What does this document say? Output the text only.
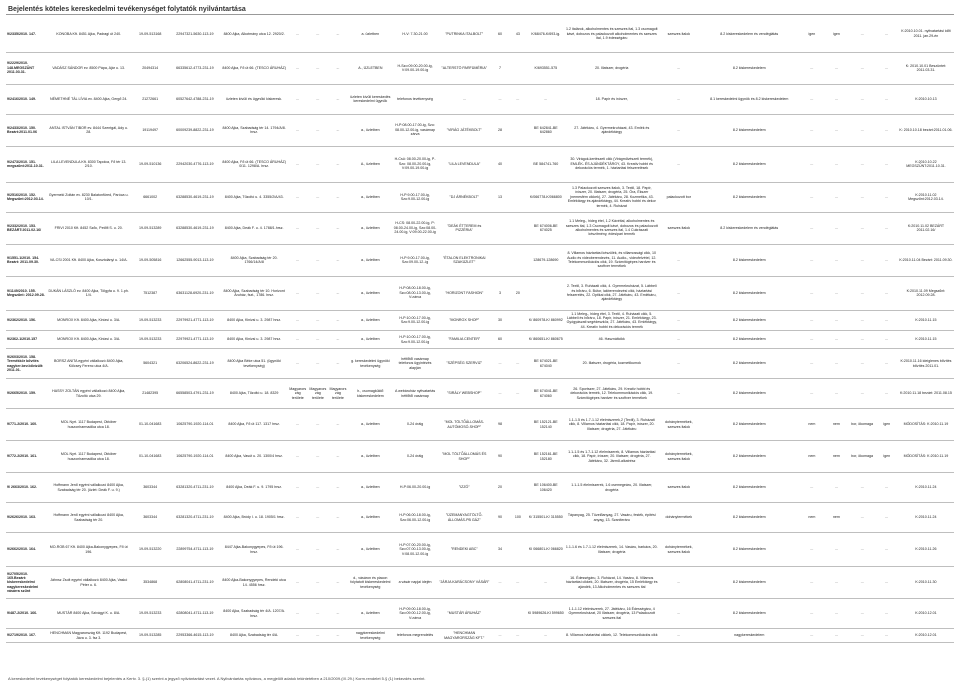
Bejelentés köteles kereskedelmi tevékenységet folytatók nyilvántartása
9/2335/2010. 147.	KONOBA Kft. 8451 Ajka, Padragi út 240.	19-09-513168	22947321-5630-113-19	8400 Ajka, Alkotmány utca 12. 2920/2.	...	...	...	a. üzletben	H-V: 7.30-21.00	"PUTRINKA ITALBOLT"	60	43	K/68476-K/693-ig.	1.2 italárok, alkoholmentes és szeszes ital, 1.3 csomagolt kávé, dobozos és palackozott alkoholmentes és szeszes ital, 1.9 édességáru	szeszes italok	8.2 kiskereskedelem és vendéglátás	igen	igen	...	...	K:2010.10.01. nyitvatartási időt 2011. jan.29-én
9/2229/2010. 148.MEGSZŰNT 2011.03.31.	VADÁSZ SÁNDOR ev. 8500 Pápa, Ajár u. 13.	20494314	66335612-4773-231-19	8400 Ajka, Fő út 66. (TESCO ÁRUHÁZ)	...	...	...	A., ÜZLETBEN	H-Szo:09.00-20.00-ig, V:09.00-19.00-ig	"ALTERSTÖ PARFÜMÉRIA"	7		K/693551-575	20. Illatszer, drogéria	...	8.2 kiskereskedelem	...	...	...	...	K: 2010.10.01 Beszüntet: 2011.03.31.
9/2416/2010. 149.	NÉMETHNÉ TÁL LÍVIA ev. 8400 Ajka, Gergő 24.	21272661	60527642-4788-231-19	üzleten kívüli és ügynöki kiskeresk.	...	...	...	üzleten kívüli kereskedés kereskedelmi ügynök	telefonos tevékenység	...	...	...	...	18. Papír és írószer,	...	8.1 kereskedelmi ügynök és 8.2 kiskereskedelem	...	...	...	...	K:2010.10.13
9/2433/2010. 150. Bezárt:2011.01.06	ANTAL ISTVÁN TIBOR ev. 8444 Szentgál, Ady u. 28.	19119497	60009239-8822-231-19	8400 Ajka, Szabadság tér 14. 1794/A/8. hrsz.	...	...	...	a., üzletben	H-P:08.00-17.00-ig, Szo: 08.00-12.00-ig, vasárnap zárva	"VIRÁG JÁTÉKBOLT"	28		BE 642841-BE 642860	27. Játékáru, 4. Gyermekruházat, 43. Emlék és ajándéktárgy	...	8.2 kiskereskedelem	...	...	...	...	K: 2010.10.18 bezárt:2011.01.06.
9/2473/2010. 151. megszűnt:2011.10.31.	LILA LEVENDULA Kft. 8300 Tapolca, Fő tér 13. 2/10.	19-09-510136	22942030-4776-113-19	8400 Ajka, Fő út 66. (TESCO ÁRUHÁZ) 0/11. 1298/A. hrsz.	...	...	...	A., üzletben	H-Csü: 08.00-20.00-ig, P-Szo: 08.00-20.00-ig, V:09.00-19.00-ig	"LILA LEVENDULA"	40		BE 584741-760	30. Virágok-kertészeti cikk (Virágművészeti termék), EMLÉK- ÉS AJÁNDÉKTÁRGY, 43. Kreatív hobbi és dekorációs termék, 1. háztartási felszerelések	...	8.2 kiskereskedelem	...	...	...	...	K:2010.10.22 MEGSZŰNT:2011.10.31.
9/2516/2010. 152. Megszűnt:2012.03.14.	Gyermeki Zoltán ev. 8230 Balatonfüred, Paróca u. 10/1.	6661002	63288530-4619-231-19	8400 Ajka, Tűzoltó u. 4. 3355/2/A/43.	...	...	...	a., üzletben	H-P:9.00-17.00-ig, Szo:9.00-12.00-ig	"DJ ÁRNÉKBOLT"	13		K/066778-K/066800	1.3 Palackozott szeszes italok, 3. Textil, 18. Papír, írószer, 20. Illatszer, drogéria, 25. Óra, Ékszer (nemesfém cikkek), 27. Játékáru, 28. Kozmetika, 43. Emléktárgy és ajándéktárgy, 44. Kreatív hobbi és dekor termék, 4. Ruházat	palackozott bor	8.2 kiskereskedelem	...	...	...	...	K:2010.11.02 Megszűnt:2012.03.14.
9/2332/2010. 153. BEZÁRT:2011.02.16/	FRIVI 2010 Kft. 8452 Szőc, Petőfi S. u. 20.	19-09-513289	63288530-4619-231-19	8400 Ajka, Deák F. u. 4. 1788/1.hrsz.	...	...	...	a., üzletben	H-CS: 08.00-22.00-ig, P: 08.00-24.00-ig, Szo:08.00-24.00-ig, V:09.00-22.00-ig	"DEÁK ÉTTEREM és PIZZÉRIA"			BE 674006-BE 674025	1.1 Meleg-, hideg étel, 1.2 Kávéital, alkoholmentes és szeszes ital, 1.3 Csomagolt kávé, dobozos és palackozott alkoholmentes és szeszes ital, 1.4 Cukrászati készítmény, édesipari termék	szeszes italok	8.2 kiskereskedelem és vendéglátás	...	...	...	...	K:2010.11.02 BEZÁRT 2011.02.16/
9/1551-1/2010. 154. Bezárt: 2011.09.30.	VA-CSI 2001 Kft. 8400 Ajka, Kosztolányi u. 14/A.	19-09-505816	12662555-9013-113-19	8400 Ajka, Szabadság tér 20. 1766/14/A/8	...	...	...	a., üzletben	H-P:9.00-17.00-ig, Szo:09.00-12.-ig	"ÉTALON ELEKTRONIKAI SZAKÜZLET"			128679-128690	8. Villamos háztartási készülék, és villamossági cikk, 10 Audio és videoberendezés, 11. Audio-, videofelvétel, 12. Telekommunikációs cikk, 19. Számítógépes hardver és szoftver termékek	...	8.2 kiskereskedelem	...	...	...	...	K:2010.11.04 Bezárt: 2011.09.30.
9/1149/2010. 155. Megszűnt: 2012.09.28.	DUKÁN LÁSZLÓ ev. 8400 Ajka, Tölgyfa u. 9. 1.ph. 1/4.	7512387	63631128-6920-231-19	8400 Ajka, Szabadság tér 10. Horizont Áruház, fszt., 1786. hrsz.	...	...	...	a., üzletben	H-P:08.00-18.00-ig, Szo:08.00-13.00-ig, V:zárva	"HORIZONT FASHION"	3	20		2. Textil, 3. Ruházati cikk, 4. Gyermekruházat, 5. Lábbeli és bőráru, 6. Bútor, lakberendezési cikk, háztartási felszerelés, 22. Optikai cikk, 27. Játékáru, 43. Emlékáru, ajándéktárgy	...	8.2 kiskereskedelem	...	...	...	...	K:2010.11.09 Megszűnt: 2012.09.28.
9/2362/2010. 156.	MONROX Kft. 8400 Ajka, Kinizsi u. 3/A.	19-09-513233	22979921-4771-113-19	8400 Ajka, Kinizsi u. 3. 2987 hrsz.	...	...	...	a., üzletben	H-P:10.00-17.00-ig, Szo:9.00-12.00-ig	"MONROX SHOP"	30		K/ 860978-K/ 860992	1.1 Meleg-, hideg étel, 3. Textil, 4. Ruházati cikk, 5. Lábbeli és bőráru, 18. Papír, írószer, 21. Emléktárgy, 23. Gyógyászati segédeszköz, 27. Játékáru, 43. Emléktárgy, 44. Kreatív hobbi és dekorációs termék	...	8.2 kiskereskedelem	...	...	...	...	K:2010.11.15
9/2362-1/2010.157	MONROX Kft. 8400 Ajka, Kinizsi u. 3/A.	19-09-513233	22979921-4771-113-19	8400 Ajka, Kinizsi u. 3. 2987 hrsz.	...	...	...	a., üzletben	H-P:10.00-17.00-ig, Szo:9.00-12.00-ig	"FAMILIA CENTER"	60		K/ 860651-K/ 860675	46. Használtcikk	...	8.2 kiskereskedelem	...	...	...	...	K:2010.11.15
9/2603/2010. 158. Termékkör bővítés nagyker.bev.bővízült:2011.01.	BORSZ ANITA egyéni vállalkozó 8400 Ajka, Kölcsey Ferenc utca 4/A.	5604321	63206524-8622-231-19	8400 Ajka Béke utca 51. (ügynöki tevékenység)	...	...	...	g. kereskedelmi ügynöki tevékenység	hétfőtől vasárnap telefonos ügyintézés alapján	"SZÉPSÉG SZERVIZ"	...	...	BE 674021-BE 674040	20. Illatszer, drogéria, kozmetikumok	...	8.2 kiskereskedelem	...	...	...	...	K:2010.11.16 ideiglenes bővítés bővítés 2011.01.
9/2665/2010. 159.	HASSY ZOLTÁN egyéni vállalkozó 8400 Ajka, Tűzoltó utca 29.	21482395	66558503-4791-231-19	8400 Ajka, Tűzoltó u. 18. 8329	Magyarország területe	Magyarország területe	Magyarország területe	h., csomagküldő kiskereskedelem	A webáruház nyitvatartás hétfőtől vasárnap	"SIRÁLY WEBSHOP"	...	...	BE 674041-BE 674060	26. Sportszer, 27. Játékáru, 29. Kreatív hobbi és dekorációs termék, 12. Telekommunikációs cikk, 19. Számítógépes hardver és szoftver termékek	...	8.2 kiskereskedelem	...	...	...	...	K:2010.11.18 bezárt: 2011.08.15
9/771-2/2010. 160.	MOL Nyrt. 1117 Budapest, Október huszonharmadika utca 18.	01-10-041683	10625790-1920-114-01	8400 Ajka, Fő út 117. 1317 hrsz.	...	...	...	a., üzletben	0-24 óráig	"MOL TÖLTŐÁLLOMÁS-AUTÓMOSÓ-SHOP"	98		BE 152121-BE 152140	1.1-1.5 és 1.7-1.12 élelmiszerek,2 (Textil), 3. Ruházati cikk, 8. Villamos háztartási cikk, 18. Papír, írószer, 20. Illatszer, drogéria, 27. Játékáru	dohánytermékek, szeszes italok	8.2 kiskereskedelem	nem	nem	bor, ökomaga	igen	MÓDOSÍTÁS: K:2010.11.19
9/772-2/2010. 161.	MOL Nyrt. 1117 Budapest, Október huszonharmadika utca 18.	01-10-041683	10625790-1920-114-01	8400 Ajka, Vasút u. 20. 1300/4 hrsz.	...	...	...	a., üzletben	0-24 óráig	"MOL TÖLTŐÁLLOMÁS ÉS SHOP"	90		BE 152161-BE 152180	1.1-1.5 és 1.7-1.12 élelmiszerek, 8. Villamos háztartási cikk, 18. Papír, írószer, 20. Illatszer, drogéria, 27. Játékáru, 32. Jármű-alkatrész	dohánytermékek, szeszes italok	8.2 kiskereskedelem	nem	nem	bor, ökomaga	igen	MÓDOSÍTÁS: K:2010.11.19
9/ 2663/2010. 162.	Hoffmann Jenő egyéni vállalkozó 8400 Ajka, Szabadság tér 20. (üzlet: Deák F. u. 9.)	3603344	63281320-4711-231-19	8400 Ajka, Deák F. u. 9. 1795 hrsz.	...	...	...	a., üzletben	H-P:06.00-20.00-ig	"IZZÓ"	20		BE 106400-BE 106420	1.1-1.5 élelmiszerek, 1.6 csemegeáru, 20. Illatszer, drogéria	szeszes italok	8.2 kiskereskedelem	...	...	...	...	K:2010.11.24
9/2626/2010. 163.	Hoffmann Jenő egyéni vállalkozó 8400 Ajka, Szabadság tér 20.	3603344	63281320-4711-231-19	8400 Ajka, Bródy I. u. 18. 1905/1 hrsz.	...	...	...	a., üzletben	H-P:06.00-18.00-ig, Szo:06.00-12.00-ig	"ÜZEMANYAGTÖLTŐ-ÁLLOMÁS-PB GÁZ"	90	100	K/ 315501-K/ 315550	Tápanyag, 25. Tüzelőanyag, 27. Vasáru, festék, építési anyag, 13. Szaniteráru	dohánytermékek	8.2 kiskereskedelem	nem	nem	...	...	K:2010.11.24
9/2662/2010. 164.	MO-ROB 67 Kft. 8400 Ajka-Bakonygyepes, Fő út 196.	19-09-513220	22899754-4711-113-19	8447 Ajka-Bakonygyepes, Fő út 196. hrsz.	...	...	...	a., üzletben	H-P:07.00-20.00-ig, Szo:07.00-13.00-ig, V:08.00-12.00-ig	"RENDEKI ABC"	34		KI 066801-K/ 066820	1.1-1.6 és 1.7-1.12 élelmiszerek, 14. Vasáru, barkács, 20. Illatszer, drogéria	dohánytermékek, szeszes italok	8.2 kiskereskedelem	...	...	...	...	K:2010.11.26
9/2705/2010. 165.Bezárt: kiskereskedelmi nagykereskedelmi vásárra szűnt	Jáhnsz Zsolt egyéni vállalkozó 8400 Ajka, Vaskó Péter u. 6.	3534868	62808041-4711-231-19	8400 Ajka-Bakonygyepes, Rendeki utca 14. 4556 hrsz.	...	...	...	d., vásáron és piacon folytatott kiskereskedelmi tevékenység	a vásár napjai idején	"JÁRJA KARÁCSONY VÁSÁR"	...	...	...	16. Édességáru, 3. Ruházat, 14. Vasáru, 8. Villamos háztartási cikkek, 20. Illatszer, drogéria, 15 Emléktárgy és ajándék, 13 Alkoholmentes és szeszes ital	...	8.2 kiskereskedelem	...	...	...	...	K:2010.11.30
9/487-2/2010. 166.	MUSTÁR 8400 Ajka, Szivágyi K. u. 8/A.	19-09-513233	62808041-4711-113-19	8400 Ajka, Szabadság tér 4/A. 1207/A. hrsz.	...	...	...	a., üzletben	H-P:09.00-18.00-ig, Szo:09.00-12.00-ig, V:zárva	"MUSTÁR ÁRUHÁZ"			KI 5989626-KI 599650	1.1-1.12 élelmiszerek, 27. Játékáru, 16 Édességáru, 4 Gyermekruházat, 20 Illatszer, drogéria, 13 Palackozott szeszes ital	...	8.2 kiskereskedelem	...	...	...	...	K:2010.12.01
9/2719/2010. 167.	HENCHMAN Magyarország Kft. 1192 Budapest, Jáva u. 3. fsz 3.	19-09-513285	22953366-4615-113-19	8400 Ajka, Szabadság tér 4/A.	...	...	...	nagykereskedelmi tevékenység	telefonos megrendelés	"HENCHMAN MAGYARORSZÁG KFT."	...	...	...	8. Villamos háztartási cikkek, 12. Telekommunikációs cikk	...	nagykereskedelem	...	...	...	...	K:2010.12.01
A kereskedelmi tevékenységet folytatók kereskedelmi bejelentés a Kertv. 3. §-(1) szerint a jegyző nyilvántartást vezet. A Nyilvántartás nyilvános, a megjelölt adatok tekintetében a 210/2009.(IX.29.) Korm.rendelet 5.§ (1) bekezdés szerint.
